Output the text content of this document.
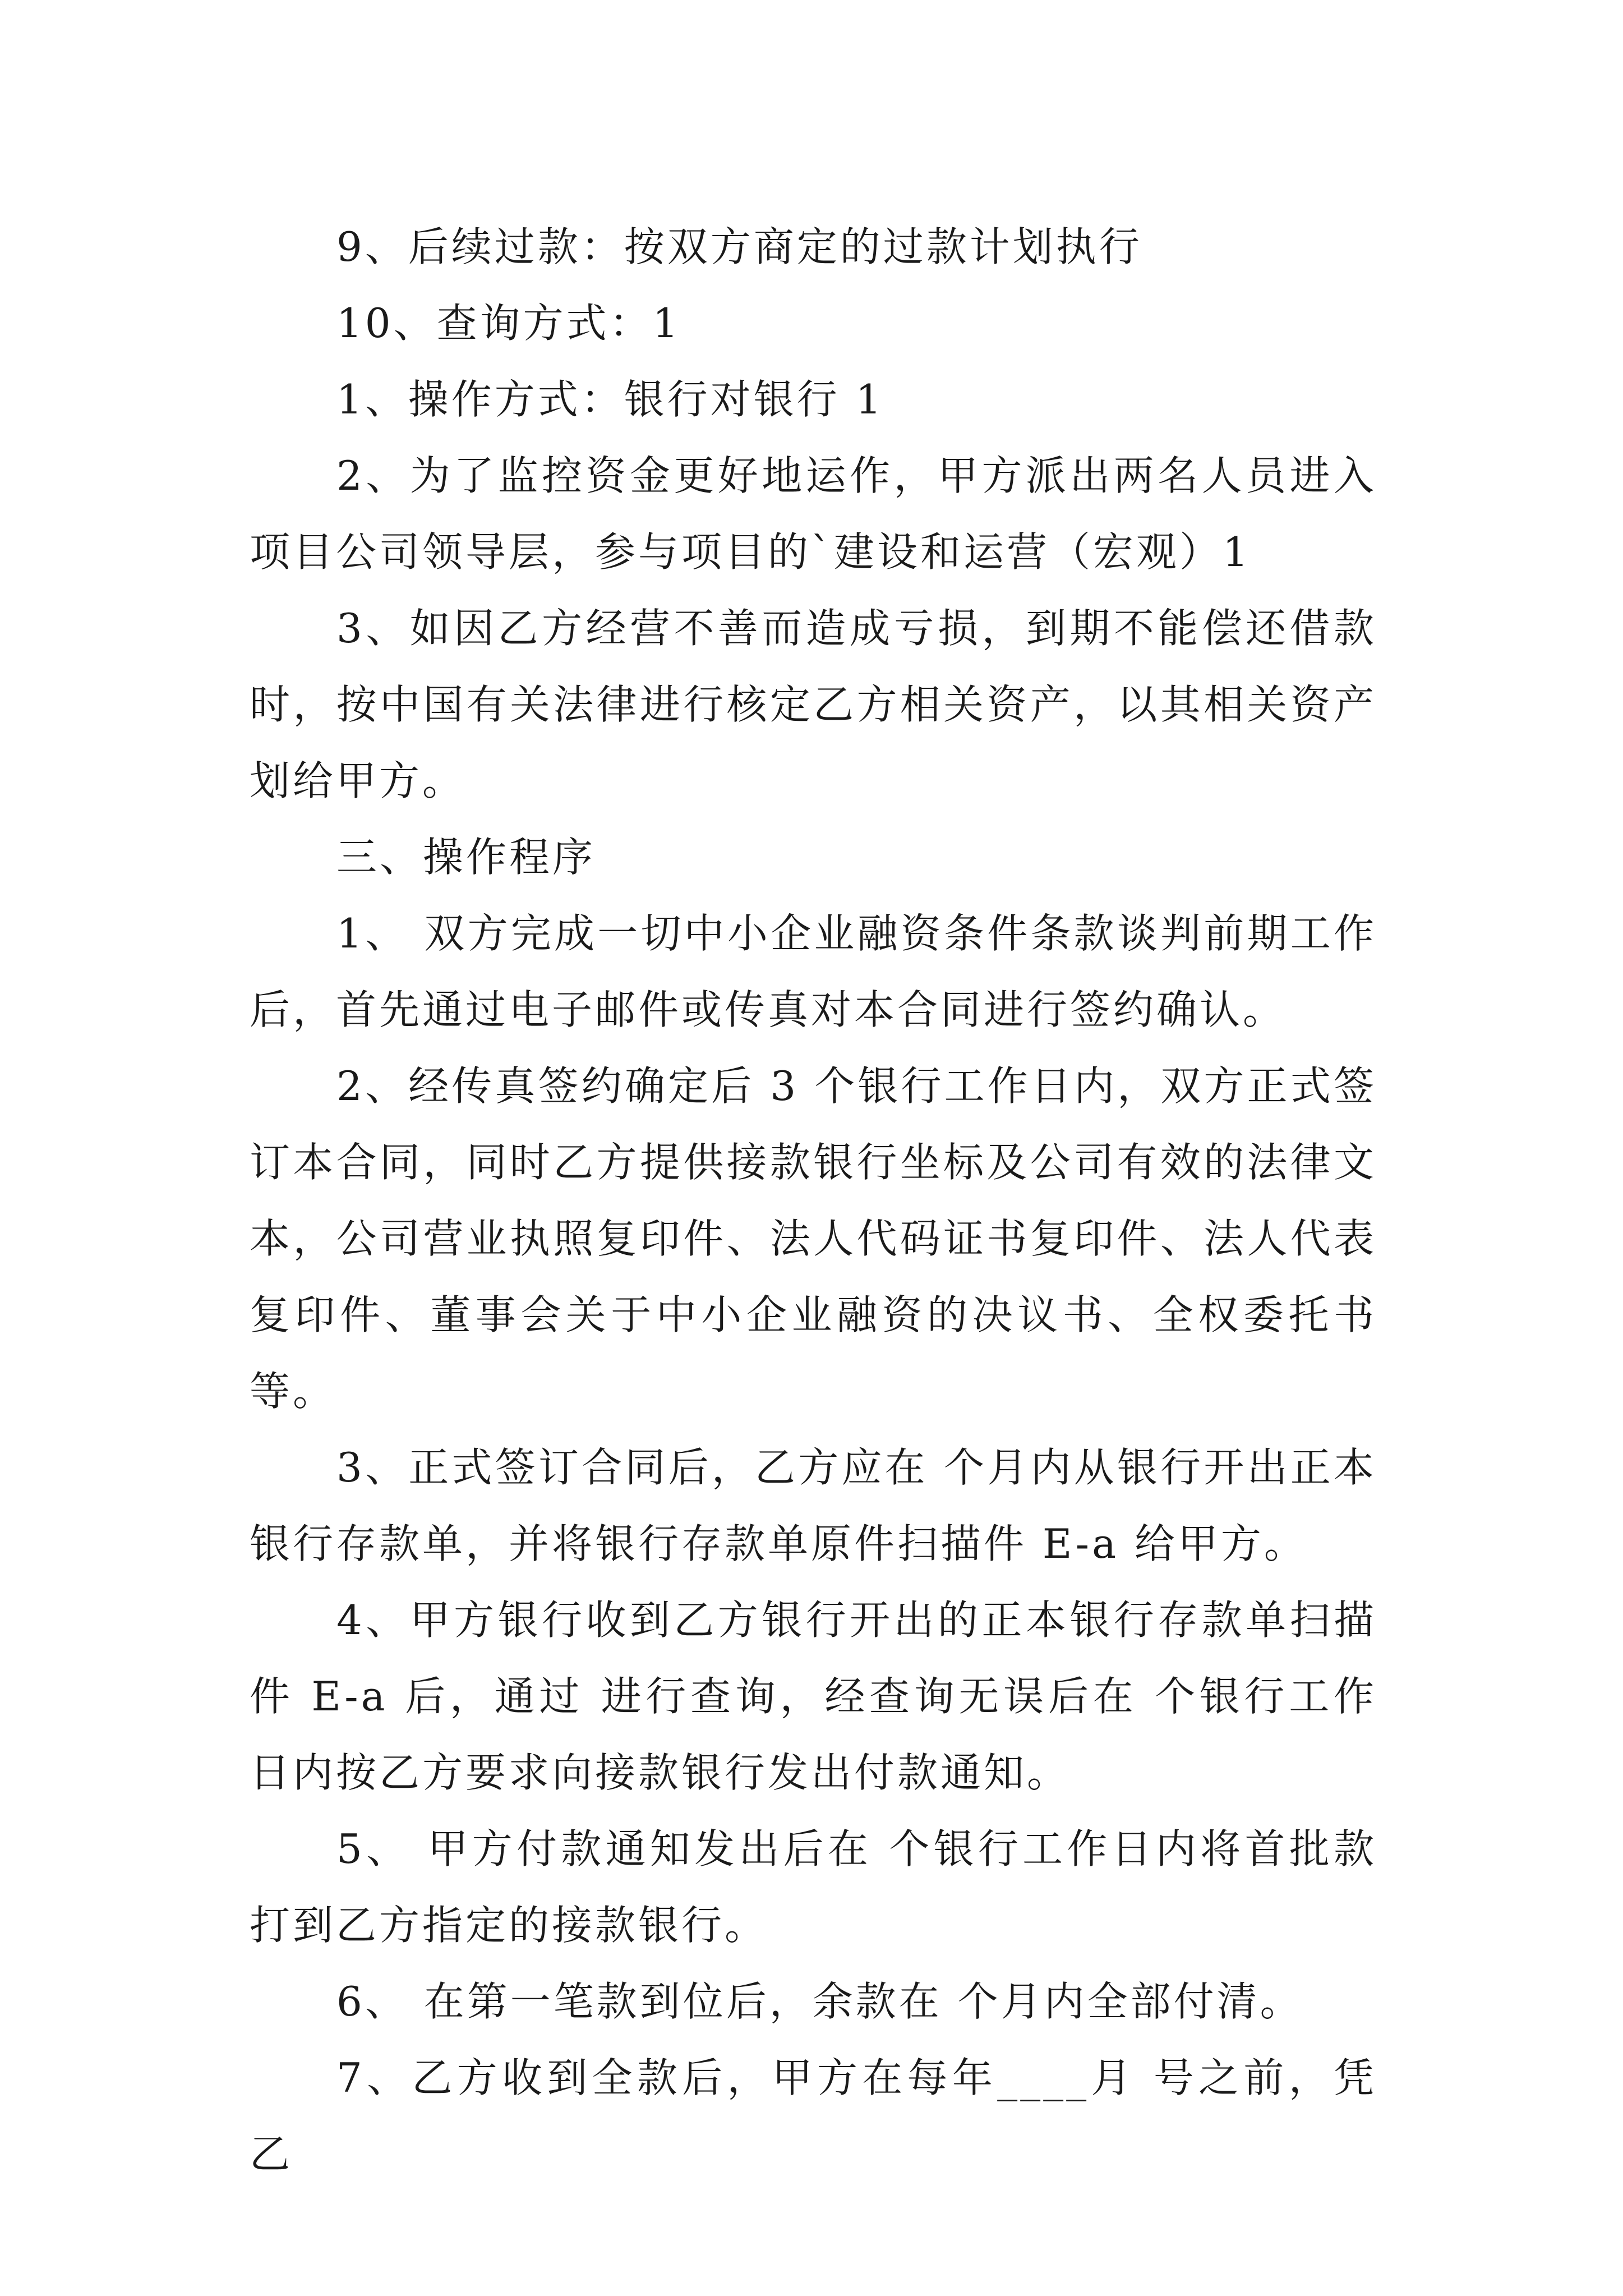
9、后续过款：按双方商定的过款计划执行

10、查询方式：1

1、操作方式：银行对银行 1

2、为了监控资金更好地运作，甲方派出两名人员进入项目公司领导层，参与项目的`建设和运营（宏观）1

3、如因乙方经营不善而造成亏损，到期不能偿还借款时，按中国有关法律进行核定乙方相关资产，以其相关资产划给甲方。

三、操作程序

1、 双方完成一切中小企业融资条件条款谈判前期工作后，首先通过电子邮件或传真对本合同进行签约确认。

2、经传真签约确定后 3 个银行工作日内，双方正式签订本合同，同时乙方提供接款银行坐标及公司有效的法律文本，公司营业执照复印件、法人代码证书复印件、法人代表复印件、董事会关于中小企业融资的决议书、全权委托书等。

3、正式签订合同后，乙方应在 个月内从银行开出正本银行存款单，并将银行存款单原件扫描件 E-a 给甲方。

4、甲方银行收到乙方银行开出的正本银行存款单扫描件 E-a 后，通过 进行查询，经查询无误后在 个银行工作日内按乙方要求向接款银行发出付款通知。

5、 甲方付款通知发出后在 个银行工作日内将首批款打到乙方指定的接款银行。

6、 在第一笔款到位后，余款在 个月内全部付清。

7、乙方收到全款后，甲方在每年____月 号之前，凭乙
